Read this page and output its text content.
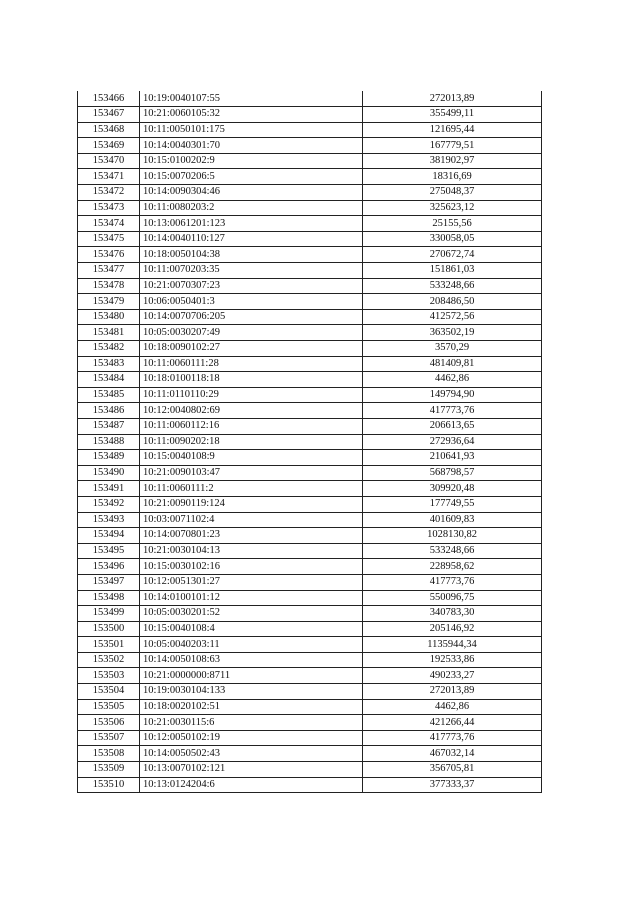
153466	10:19:0040107:55	272013,89
153467	10:21:0060105:32	355499,11
153468	10:11:0050101:175	121695,44
153469	10:14:0040301:70	167779,51
153470	10:15:0100202:9	381902,97
153471	10:15:0070206:5	18316,69
153472	10:14:0090304:46	275048,37
153473	10:11:0080203:2	325623,12
153474	10:13:0061201:123	25155,56
153475	10:14:0040110:127	330058,05
153476	10:18:0050104:38	270672,74
153477	10:11:0070203:35	151861,03
153478	10:21:0070307:23	533248,66
153479	10:06:0050401:3	208486,50
153480	10:14:0070706:205	412572,56
153481	10:05:0030207:49	363502,19
153482	10:18:0090102:27	3570,29
153483	10:11:0060111:28	481409,81
153484	10:18:0100118:18	4462,86
153485	10:11:0110110:29	149794,90
153486	10:12:0040802:69	417773,76
153487	10:11:0060112:16	206613,65
153488	10:11:0090202:18	272936,64
153489	10:15:0040108:9	210641,93
153490	10:21:0090103:47	568798,57
153491	10:11:0060111:2	309920,48
153492	10:21:0090119:124	177749,55
153493	10:03:0071102:4	401609,83
153494	10:14:0070801:23	1028130,82
153495	10:21:0030104:13	533248,66
153496	10:15:0030102:16	228958,62
153497	10:12:0051301:27	417773,76
153498	10:14:0100101:12	550096,75
153499	10:05:0030201:52	340783,30
153500	10:15:0040108:4	205146,92
153501	10:05:0040203:11	1135944,34
153502	10:14:0050108:63	192533,86
153503	10:21:0000000:8711	490233,27
153504	10:19:0030104:133	272013,89
153505	10:18:0020102:51	4462,86
153506	10:21:0030115:6	421266,44
153507	10:12:0050102:19	417773,76
153508	10:14:0050502:43	467032,14
153509	10:13:0070102:121	356705,81
153510	10:13:0124204:6	377333,37
